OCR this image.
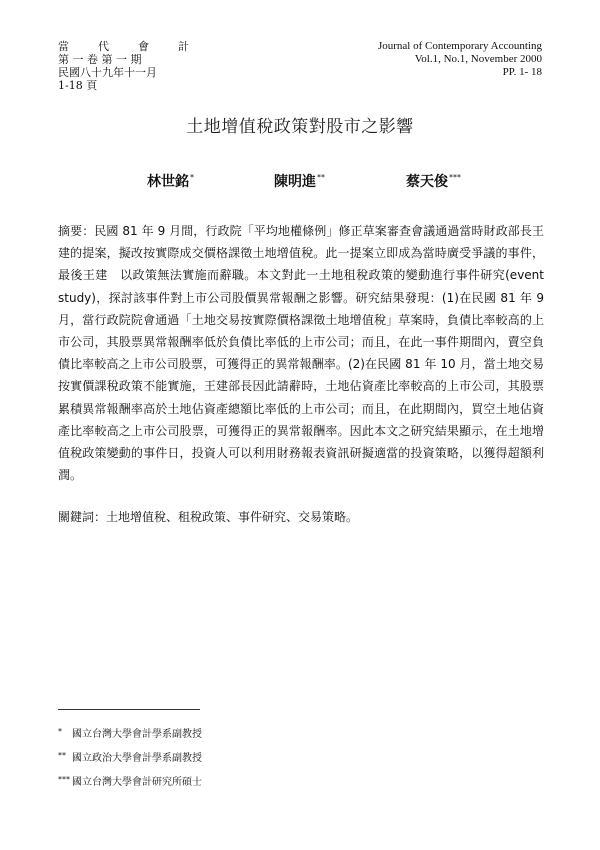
當　代　會　計
第 一 卷 第 一 期
民國八十九年十一月
1-18 頁
Journal of Contemporary Accounting
Vol.1, No.1, November 2000
PP. 1- 18
土地增值稅政策對股市之影響
林世銘*	陳明進**	蔡天俊***

摘要：民國 81 年 9 月間，行政院「平均地權條例」修正草案審查會議通過當時財政部長王建的提案，擬改按實際成交價格課徵土地增值稅。此一提案立即成為當時廣受爭議的事件，最後王建　以政策無法實施而辭職。本文對此一土地租稅政策的變動進行事件研究(event study)，探討該事件對上市公司股價異常報酬之影響。研究結果發現：(1)在民國 81 年 9 月，當行政院院會通過「土地交易按實際價格課徵土地增值稅」草案時，負債比率較高的上市公司，其股票異常報酬率低於負債比率低的上市公司；而且，在此一事件期間內，賣空負債比率較高之上市公司股票，可獲得正的異常報酬率。(2)在民國 81 年 10 月，當土地交易按實價課稅政策不能實施，王建部長因此請辭時，土地佔資產比率較高的上市公司，其股票累積異常報酬率高於土地佔資產總額比率低的上市公司；而且，在此期間內，買空土地佔資產比率較高之上市公司股票，可獲得正的異常報酬率。因此本文之研究結果顯示，在土地增值稅政策變動的事件日，投資人可以利用財務報表資訊研擬適當的投資策略，以獲得超額利潤。

關鍵詞：土地增值稅、租稅政策、事件研究、交易策略。
* 國立台灣大學會計學系副教授
** 國立政治大學會計學系副教授
*** 國立台灣大學會計研究所碩士
